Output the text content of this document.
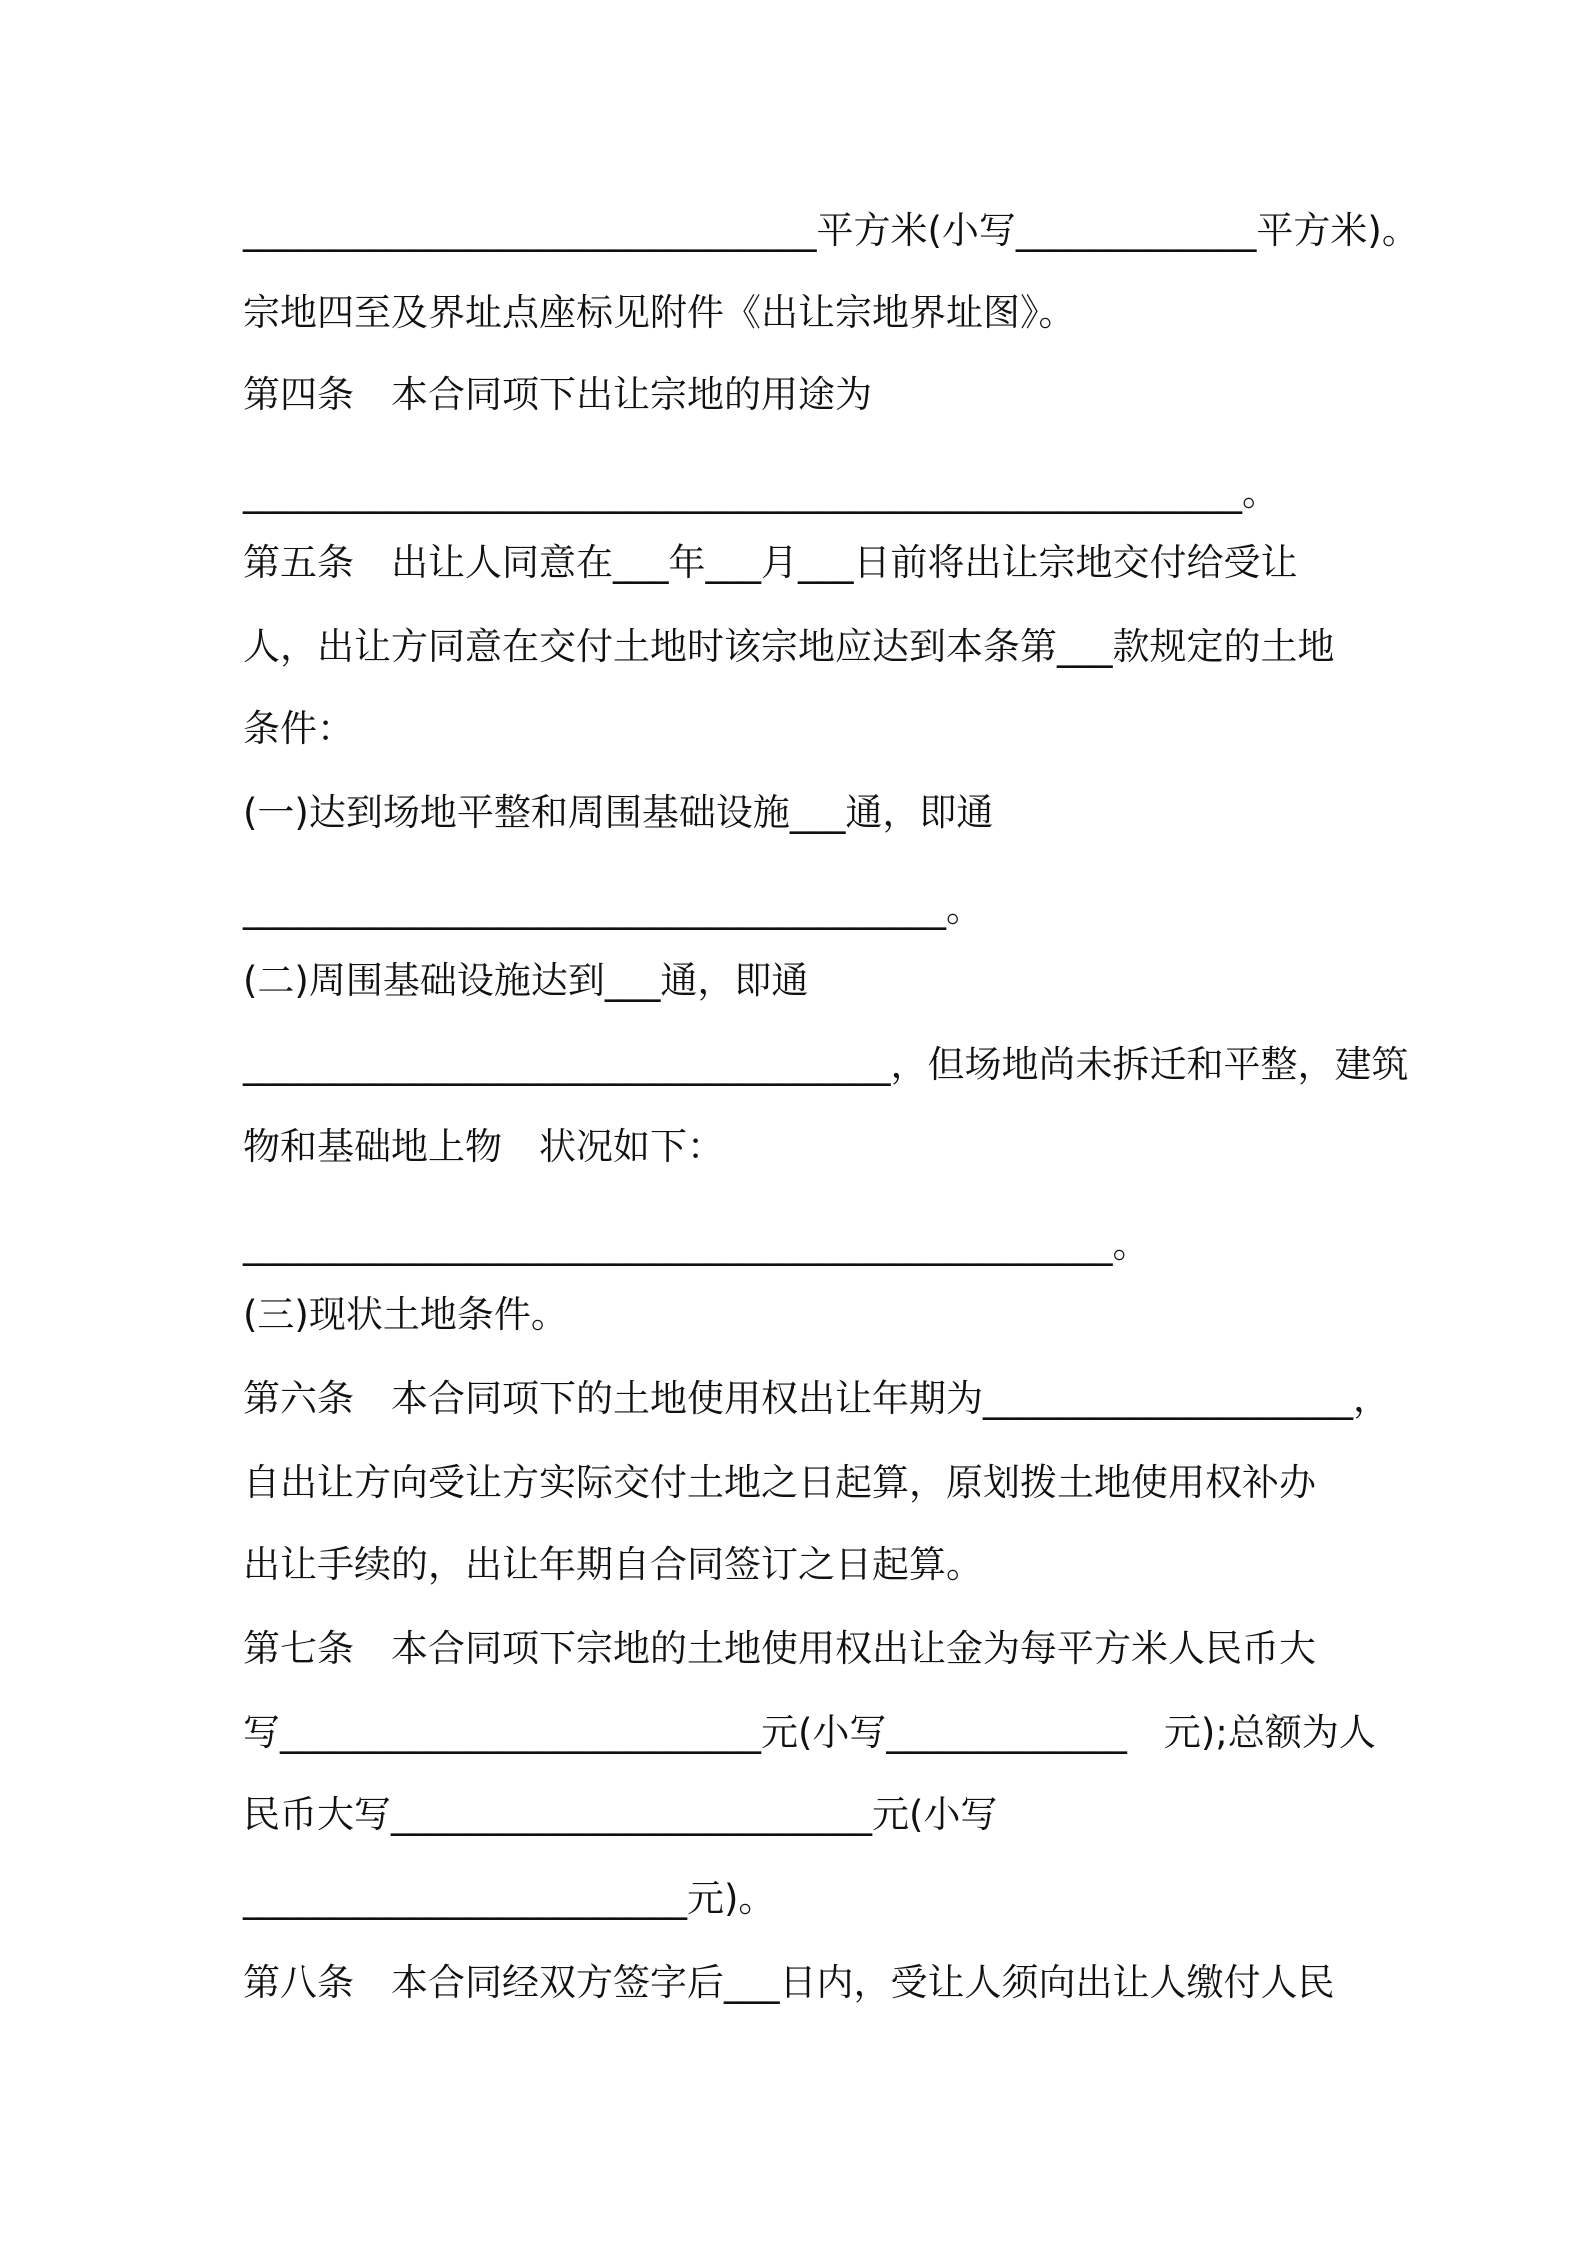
_______________________________平方米(小写_____________平方米)。

宗地四至及界址点座标见附件《出让宗地界址图》。

第四条　本合同项下出让宗地的用途为

______________________________________________________。

第五条　出让人同意在___年___月___日前将出让宗地交付给受让

人，出让方同意在交付土地时该宗地应达到本条第___款规定的土地

条件：

(一)达到场地平整和周围基础设施___通，即通

______________________________________。

(二)周围基础设施达到___通，即通

___________________________________，但场地尚未拆迁和平整，建筑

物和基础地上物　状况如下：

_______________________________________________。

(三)现状土地条件。

第六条　本合同项下的土地使用权出让年期为____________________，

自出让方向受让方实际交付土地之日起算，原划拨土地使用权补办

出让手续的，出让年期自合同签订之日起算。

第七条　本合同项下宗地的土地使用权出让金为每平方米人民币大

写__________________________元(小写_____________　元);总额为人

民币大写__________________________元(小写

________________________元)。

第八条　本合同经双方签字后___日内，受让人须向出让人缴付人民
